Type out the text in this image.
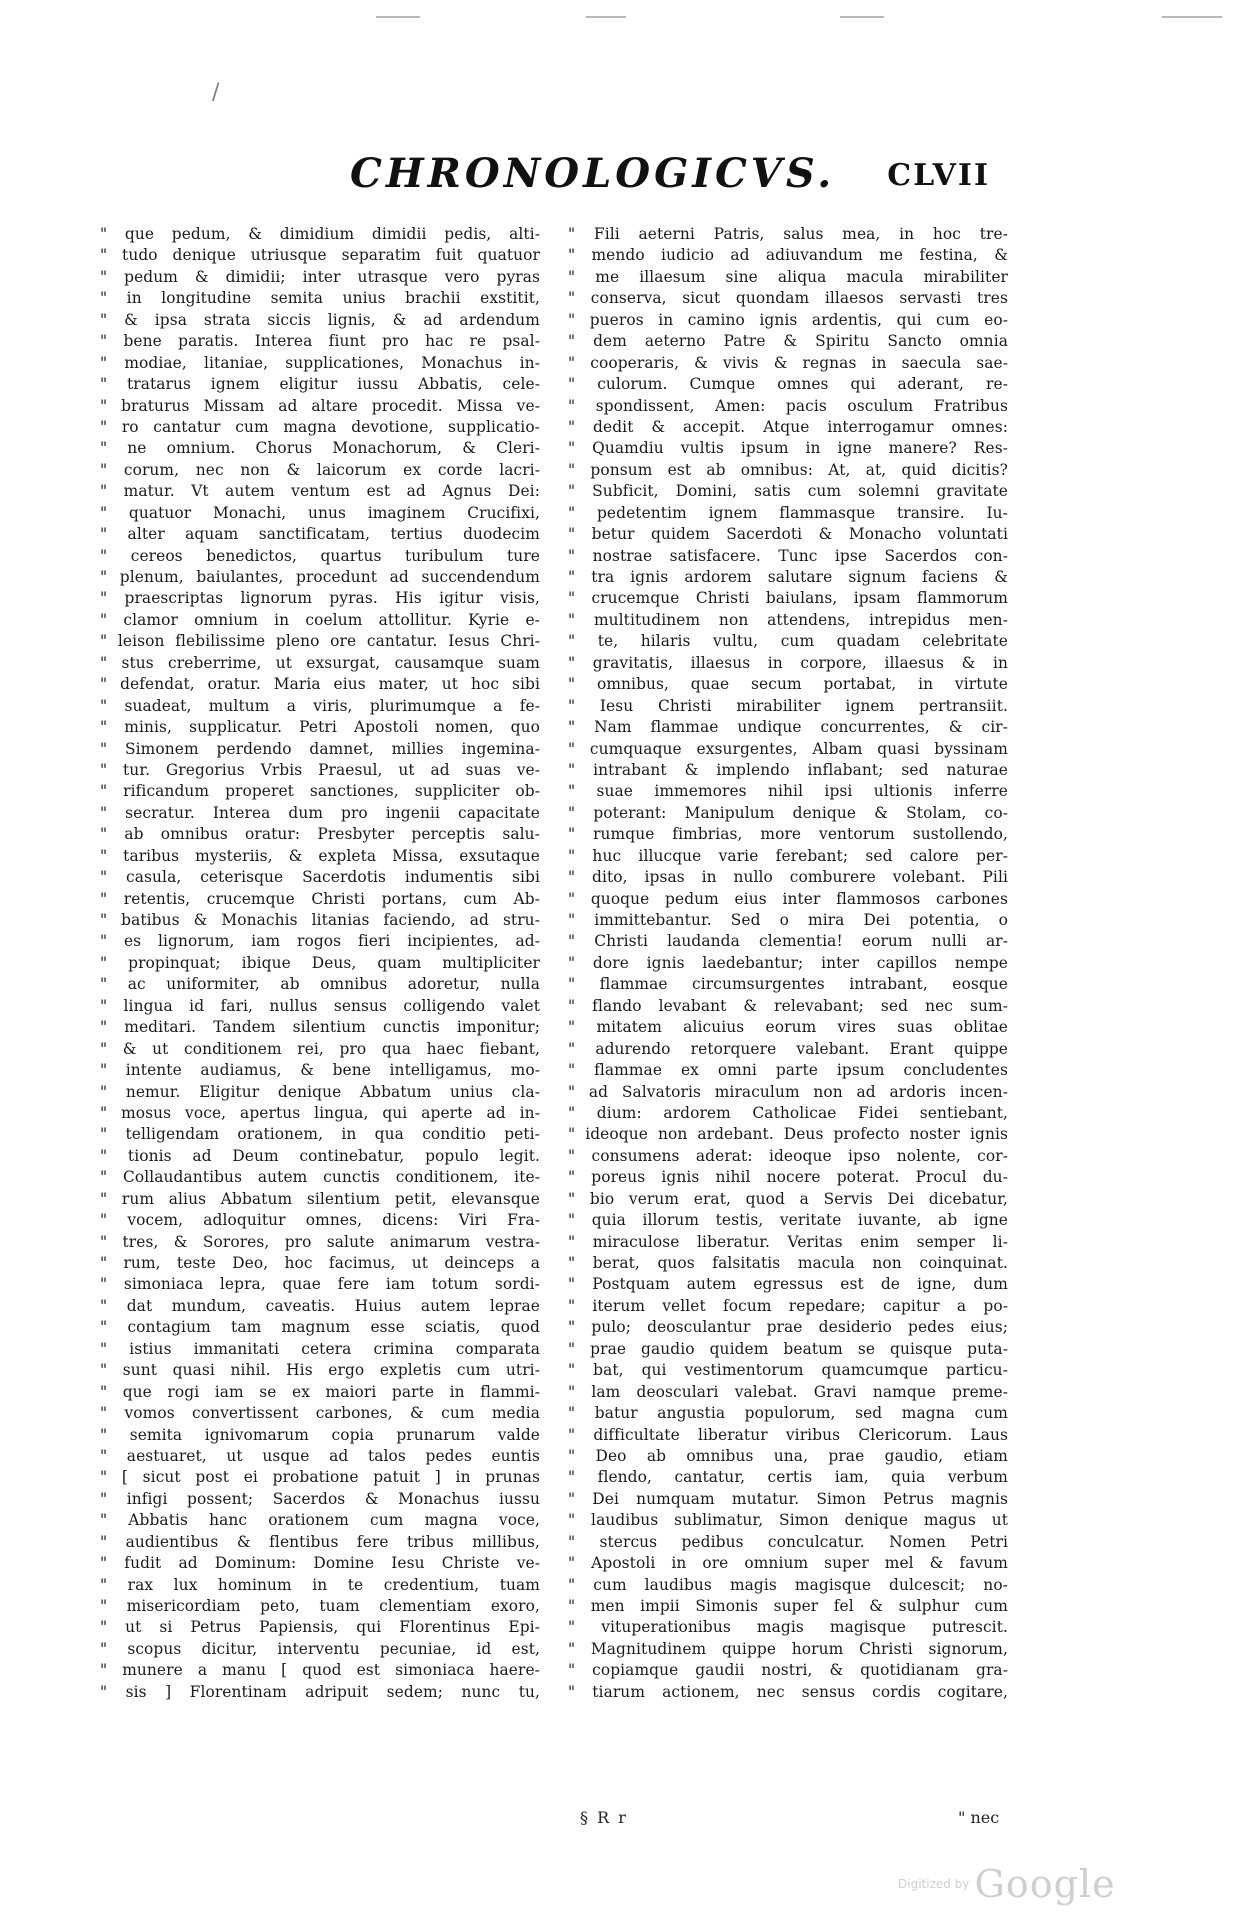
/
CHRONOLOGICVS. CLVII
" que pedum, & dimidium dimidii pedis, alti-
" tudo denique utriusque separatim fuit quatuor
" pedum & dimidii; inter utrasque vero pyras
" in longitudine semita unius brachii exstitit,
" & ipsa strata siccis lignis, & ad ardendum
" bene paratis. Interea fiunt pro hac re psal-
" modiae, litaniae, supplicationes, Monachus in-
" tratarus ignem eligitur iussu Abbatis, cele-
" braturus Missam ad altare procedit. Missa ve-
" ro cantatur cum magna devotione, supplicatio-
" ne omnium. Chorus Monachorum, & Cleri-
" corum, nec non & laicorum ex corde lacri-
" matur. Vt autem ventum est ad Agnus Dei:
" quatuor Monachi, unus imaginem Crucifixi,
" alter aquam sanctificatam, tertius duodecim
" cereos benedictos, quartus turibulum ture
" plenum, baiulantes, procedunt ad succendendum
" praescriptas lignorum pyras. His igitur visis,
" clamor omnium in coelum attollitur. Kyrie e-
" leison flebilissime pleno ore cantatur. Iesus Chri-
" stus creberrime, ut exsurgat, causamque suam
" defendat, oratur. Maria eius mater, ut hoc sibi
" suadeat, multum a viris, plurimumque a fe-
" minis, supplicatur. Petri Apostoli nomen, quo
" Simonem perdendo damnet, millies ingemina-
" tur. Gregorius Vrbis Praesul, ut ad suas ve-
" rificandum properet sanctiones, suppliciter ob-
" secratur. Interea dum pro ingenii capacitate
" ab omnibus oratur: Presbyter perceptis salu-
" taribus mysteriis, & expleta Missa, exsutaque
" casula, ceterisque Sacerdotis indumentis sibi
" retentis, crucemque Christi portans, cum Ab-
" batibus & Monachis litanias faciendo, ad stru-
" es lignorum, iam rogos fieri incipientes, ad-
" propinquat; ibique Deus, quam multipliciter
" ac uniformiter, ab omnibus adoretur, nulla
" lingua id fari, nullus sensus colligendo valet
" meditari. Tandem silentium cunctis imponitur;
" & ut conditionem rei, pro qua haec fiebant,
" intente audiamus, & bene intelligamus, mo-
" nemur. Eligitur denique Abbatum unius cla-
" mosus voce, apertus lingua, qui aperte ad in-
" telligendam orationem, in qua conditio peti-
" tionis ad Deum continebatur, populo legit.
" Collaudantibus autem cunctis conditionem, ite-
" rum alius Abbatum silentium petit, elevansque
" vocem, adloquitur omnes, dicens: Viri Fra-
" tres, & Sorores, pro salute animarum vestra-
" rum, teste Deo, hoc facimus, ut deinceps a
" simoniaca lepra, quae fere iam totum sordi-
" dat mundum, caveatis. Huius autem leprae
" contagium tam magnum esse sciatis, quod
" istius immanitati cetera crimina comparata
" sunt quasi nihil. His ergo expletis cum utri-
" que rogi iam se ex maiori parte in flammi-
" vomos convertissent carbones, & cum media
" semita ignivomarum copia prunarum valde
" aestuaret, ut usque ad talos pedes euntis
" [ sicut post ei probatione patuit ] in prunas
" infigi possent; Sacerdos & Monachus iussu
" Abbatis hanc orationem cum magna voce,
" audientibus & flentibus fere tribus millibus,
" fudit ad Dominum: Domine Iesu Christe ve-
" rax lux hominum in te credentium, tuam
" misericordiam peto, tuam clementiam exoro,
" ut si Petrus Papiensis, qui Florentinus Epi-
" scopus dicitur, interventu pecuniae, id est,
" munere a manu [ quod est simoniaca haere-
" sis ] Florentinam adripuit sedem; nunc tu,
" Fili aeterni Patris, salus mea, in hoc tre-
" mendo iudicio ad adiuvandum me festina, &
" me illaesum sine aliqua macula mirabiliter
" conserva, sicut quondam illaesos servasti tres
" pueros in camino ignis ardentis, qui cum eo-
" dem aeterno Patre & Spiritu Sancto omnia
" cooperaris, & vivis & regnas in saecula sae-
" culorum. Cumque omnes qui aderant, re-
" spondissent, Amen: pacis osculum Fratribus
" dedit & accepit. Atque interrogamur omnes:
" Quamdiu vultis ipsum in igne manere? Res-
" ponsum est ab omnibus: At, at, quid dicitis?
" Subficit, Domini, satis cum solemni gravitate
" pedetentim ignem flammasque transire. Iu-
" betur quidem Sacerdoti & Monacho voluntati
" nostrae satisfacere. Tunc ipse Sacerdos con-
" tra ignis ardorem salutare signum faciens &
" crucemque Christi baiulans, ipsam flammorum
" multitudinem non attendens, intrepidus men-
" te, hilaris vultu, cum quadam celebritate
" gravitatis, illaesus in corpore, illaesus & in
" omnibus, quae secum portabat, in virtute
" Iesu Christi mirabiliter ignem pertransiit.
" Nam flammae undique concurrentes, & cir-
" cumquaque exsurgentes, Albam quasi byssinam
" intrabant & implendo inflabant; sed naturae
" suae immemores nihil ipsi ultionis inferre
" poterant: Manipulum denique & Stolam, co-
" rumque fimbrias, more ventorum sustollendo,
" huc illucque varie ferebant; sed calore per-
" dito, ipsas in nullo comburere volebant. Pili
" quoque pedum eius inter flammosos carbones
" immittebantur. Sed o mira Dei potentia, o
" Christi laudanda clementia! eorum nulli ar-
" dore ignis laedebantur; inter capillos nempe
" flammae circumsurgentes intrabant, eosque
" flando levabant & relevabant; sed nec sum-
" mitatem alicuius eorum vires suas oblitae
" adurendo retorquere valebant. Erant quippe
" flammae ex omni parte ipsum concludentes
" ad Salvatoris miraculum non ad ardoris incen-
" dium: ardorem Catholicae Fidei sentiebant,
" ideoque non ardebant. Deus profecto noster ignis
" consumens aderat: ideoque ipso nolente, cor-
" poreus ignis nihil nocere poterat. Procul du-
" bio verum erat, quod a Servis Dei dicebatur,
" quia illorum testis, veritate iuvante, ab igne
" miraculose liberatur. Veritas enim semper li-
" berat, quos falsitatis macula non coinquinat.
" Postquam autem egressus est de igne, dum
" iterum vellet focum repedare; capitur a po-
" pulo; deosculantur prae desiderio pedes eius;
" prae gaudio quidem beatum se quisque puta-
" bat, qui vestimentorum quamcumque particu-
" lam deosculari valebat. Gravi namque preme-
" batur angustia populorum, sed magna cum
" difficultate liberatur viribus Clericorum. Laus
" Deo ab omnibus una, prae gaudio, etiam
" flendo, cantatur, certis iam, quia verbum
" Dei numquam mutatur. Simon Petrus magnis
" laudibus sublimatur, Simon denique magus ut
" stercus pedibus conculcatur. Nomen Petri
" Apostoli in ore omnium super mel & favum
" cum laudibus magis magisque dulcescit; no-
" men impii Simonis super fel & sulphur cum
" vituperationibus magis magisque putrescit.
" Magnitudinem quippe horum Christi signorum,
" copiamque gaudii nostri, & quotidianam gra-
" tiarum actionem, nec sensus cordis cogitare,
§ R r	" nec
Digitized by Google
